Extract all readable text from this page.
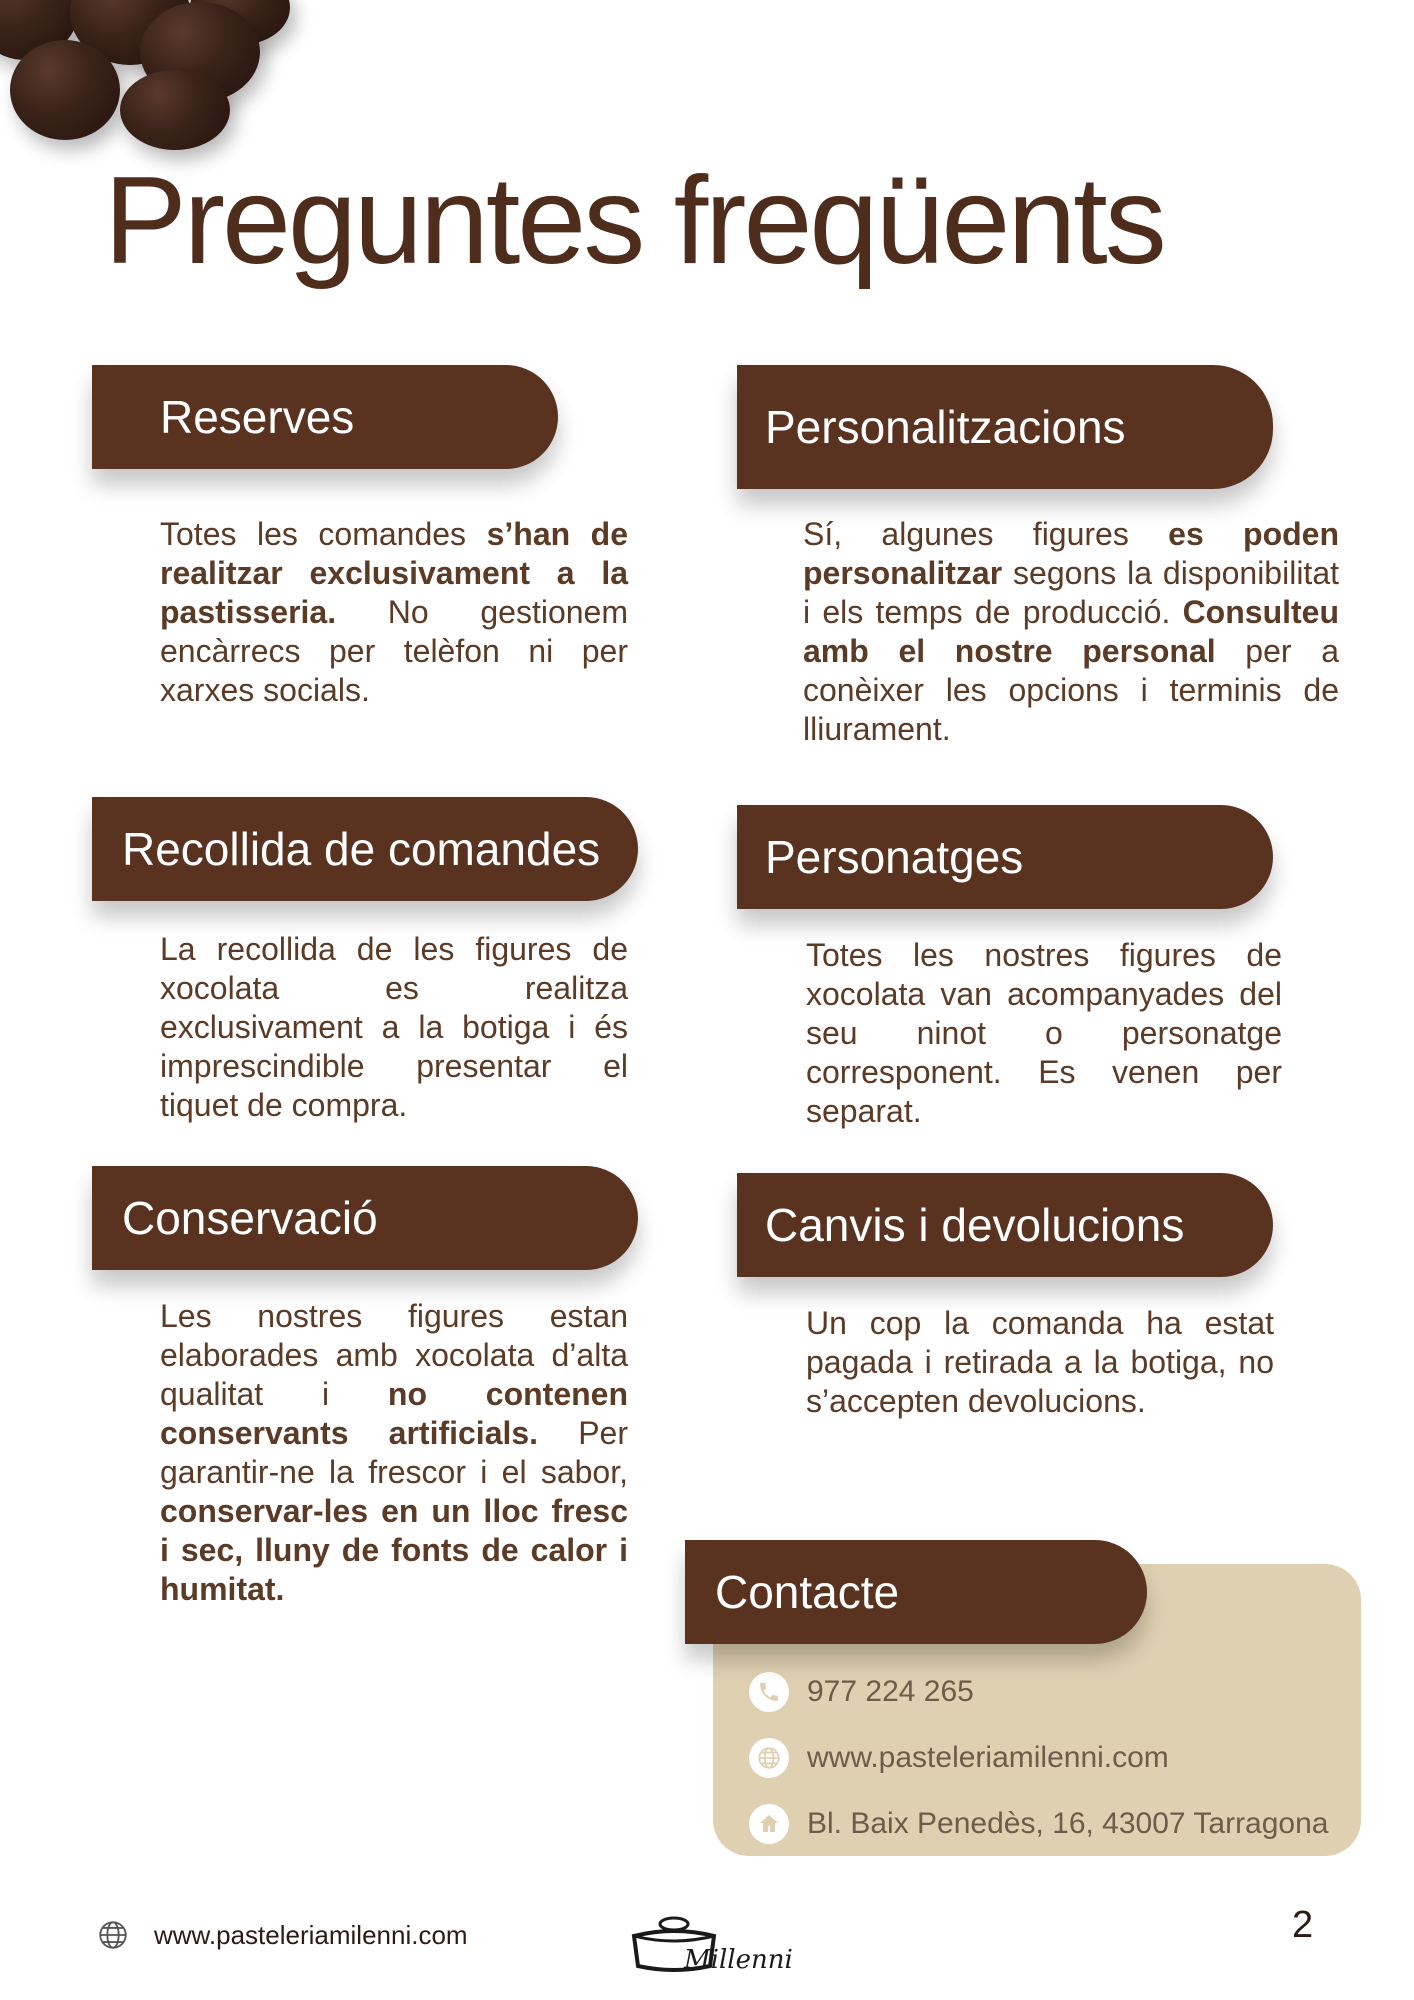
Preguntes freqüents
Reserves

Totes les comandes s’han de realitzar exclusivament a la pastisseria. No gestionem encàrrecs per telèfon ni per xarxes socials.

Personalitzacions

Sí, algunes figures es poden personalitzar segons la disponibilitat i els temps de producció. Consulteu amb el nostre personal per a conèixer les opcions i terminis de lliurament.

Recollida de comandes

La recollida de les figures de xocolata es realitza exclusivament a la botiga i és imprescindible presentar el tiquet de compra.

Personatges

Totes les nostres figures de xocolata van acompanyades del seu ninot o personatge corresponent. Es venen per separat.

Conservació

Les nostres figures estan elaborades amb xocolata d’alta qualitat i no contenen conservants artificials. Per garantir-ne la frescor i el sabor, conservar-les en un lloc fresc i sec, lluny de fonts de calor i humitat.

Canvis i devolucions

Un cop la comanda ha estat pagada i retirada a la botiga, no s’accepten devolucions.

977 224 265
www.pasteleriamilenni.com
Bl. Baix Penedès, 16, 43007 Tarragona
Contacte
www.pasteleriamilenni.com
Millenni
2
